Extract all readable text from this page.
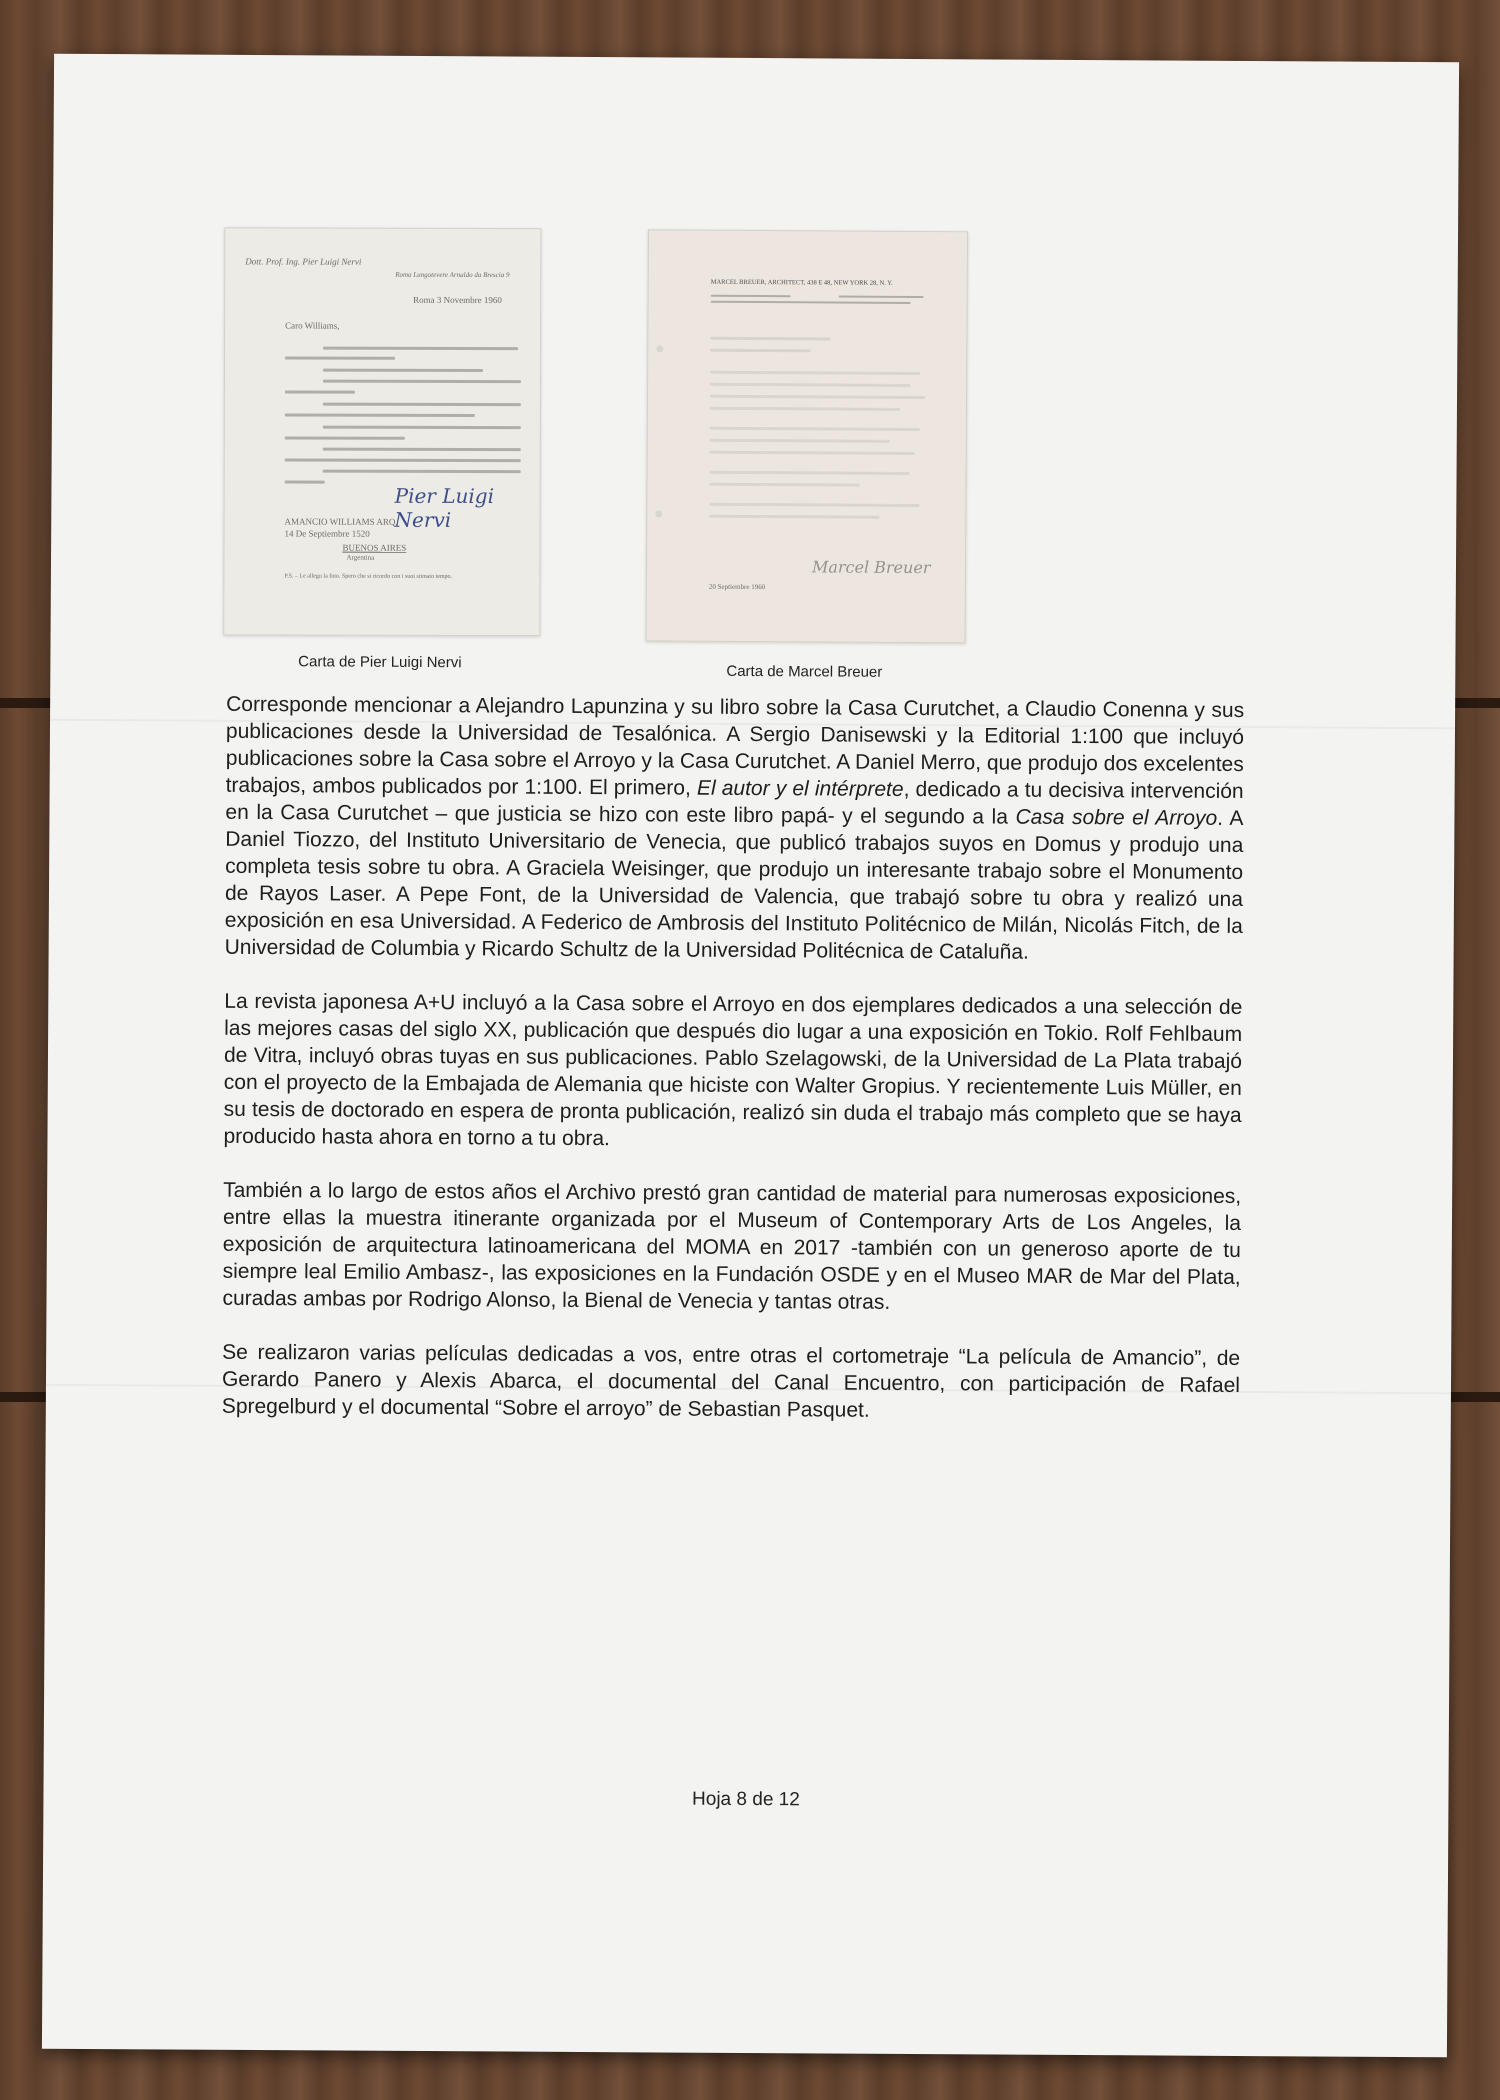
Dott. Prof. Ing. Pier Luigi Nervi
Roma Lungotevere Arnaldo da Brescia 9
Roma 3 Novembre 1960
Caro Williams,
Pier Luigi Nervi
AMANCIO WILLIAMS ARQ.
14 De Septiembre 1520
BUENOS AIRES
Argentina
P.S. – Le allego la foto. Spero che si ricordo con i suoi stimato tempo.
Carta de Pier Luigi Nervi
MARCEL BREUER, ARCHITECT, 438 E 48, NEW YORK 28, N. Y.
Marcel Breuer
20 Septiembre 1960
Carta de Marcel Breuer

Corresponde mencionar a Alejandro Lapunzina y su libro sobre la Casa Curutchet, a Claudio Conenna y sus publicaciones desde la Universidad de Tesalónica. A Sergio Danisewski y la Editorial 1:100 que incluyó publicaciones sobre la Casa sobre el Arroyo y la Casa Curutchet. A Daniel Merro, que produjo dos excelentes trabajos, ambos publicados por 1:100. El primero, El autor y el intérprete, dedicado a tu decisiva intervención en la Casa Curutchet – que justicia se hizo con este libro papá- y el segundo a la Casa sobre el Arroyo. A Daniel Tiozzo, del Instituto Universitario de Venecia, que publicó trabajos suyos en Domus y produjo una completa tesis sobre tu obra. A Graciela Weisinger, que produjo un interesante trabajo sobre el Monumento de Rayos Laser. A Pepe Font, de la Universidad de Valencia, que trabajó sobre tu obra y realizó una exposición en esa Universidad. A Federico de Ambrosis del Instituto Politécnico de Milán, Nicolás Fitch, de la Universidad de Columbia y Ricardo Schultz de la Universidad Politécnica de Cataluña.

La revista japonesa A+U incluyó a la Casa sobre el Arroyo en dos ejemplares dedicados a una selección de las mejores casas del siglo XX, publicación que después dio lugar a una exposición en Tokio. Rolf Fehlbaum de Vitra, incluyó obras tuyas en sus publicaciones. Pablo Szelagowski, de la Universidad de La Plata trabajó con el proyecto de la Embajada de Alemania que hiciste con Walter Gropius. Y recientemente Luis Müller, en su tesis de doctorado en espera de pronta publicación, realizó sin duda el trabajo más completo que se haya producido hasta ahora en torno a tu obra.

También a lo largo de estos años el Archivo prestó gran cantidad de material para numerosas exposiciones, entre ellas la muestra itinerante organizada por el Museum of Contemporary Arts de Los Angeles, la exposición de arquitectura latinoamericana del MOMA en 2017 -también con un generoso aporte de tu siempre leal Emilio Ambasz-, las exposiciones en la Fundación OSDE y en el Museo MAR de Mar del Plata, curadas ambas por Rodrigo Alonso, la Bienal de Venecia y tantas otras.

Se realizaron varias películas dedicadas a vos, entre otras el cortometraje “La película de Amancio”, de Gerardo Panero y Alexis Abarca, el documental del Canal Encuentro, con participación de Rafael Spregelburd y el documental “Sobre el arroyo” de Sebastian Pasquet.

Hoja 8 de 12
